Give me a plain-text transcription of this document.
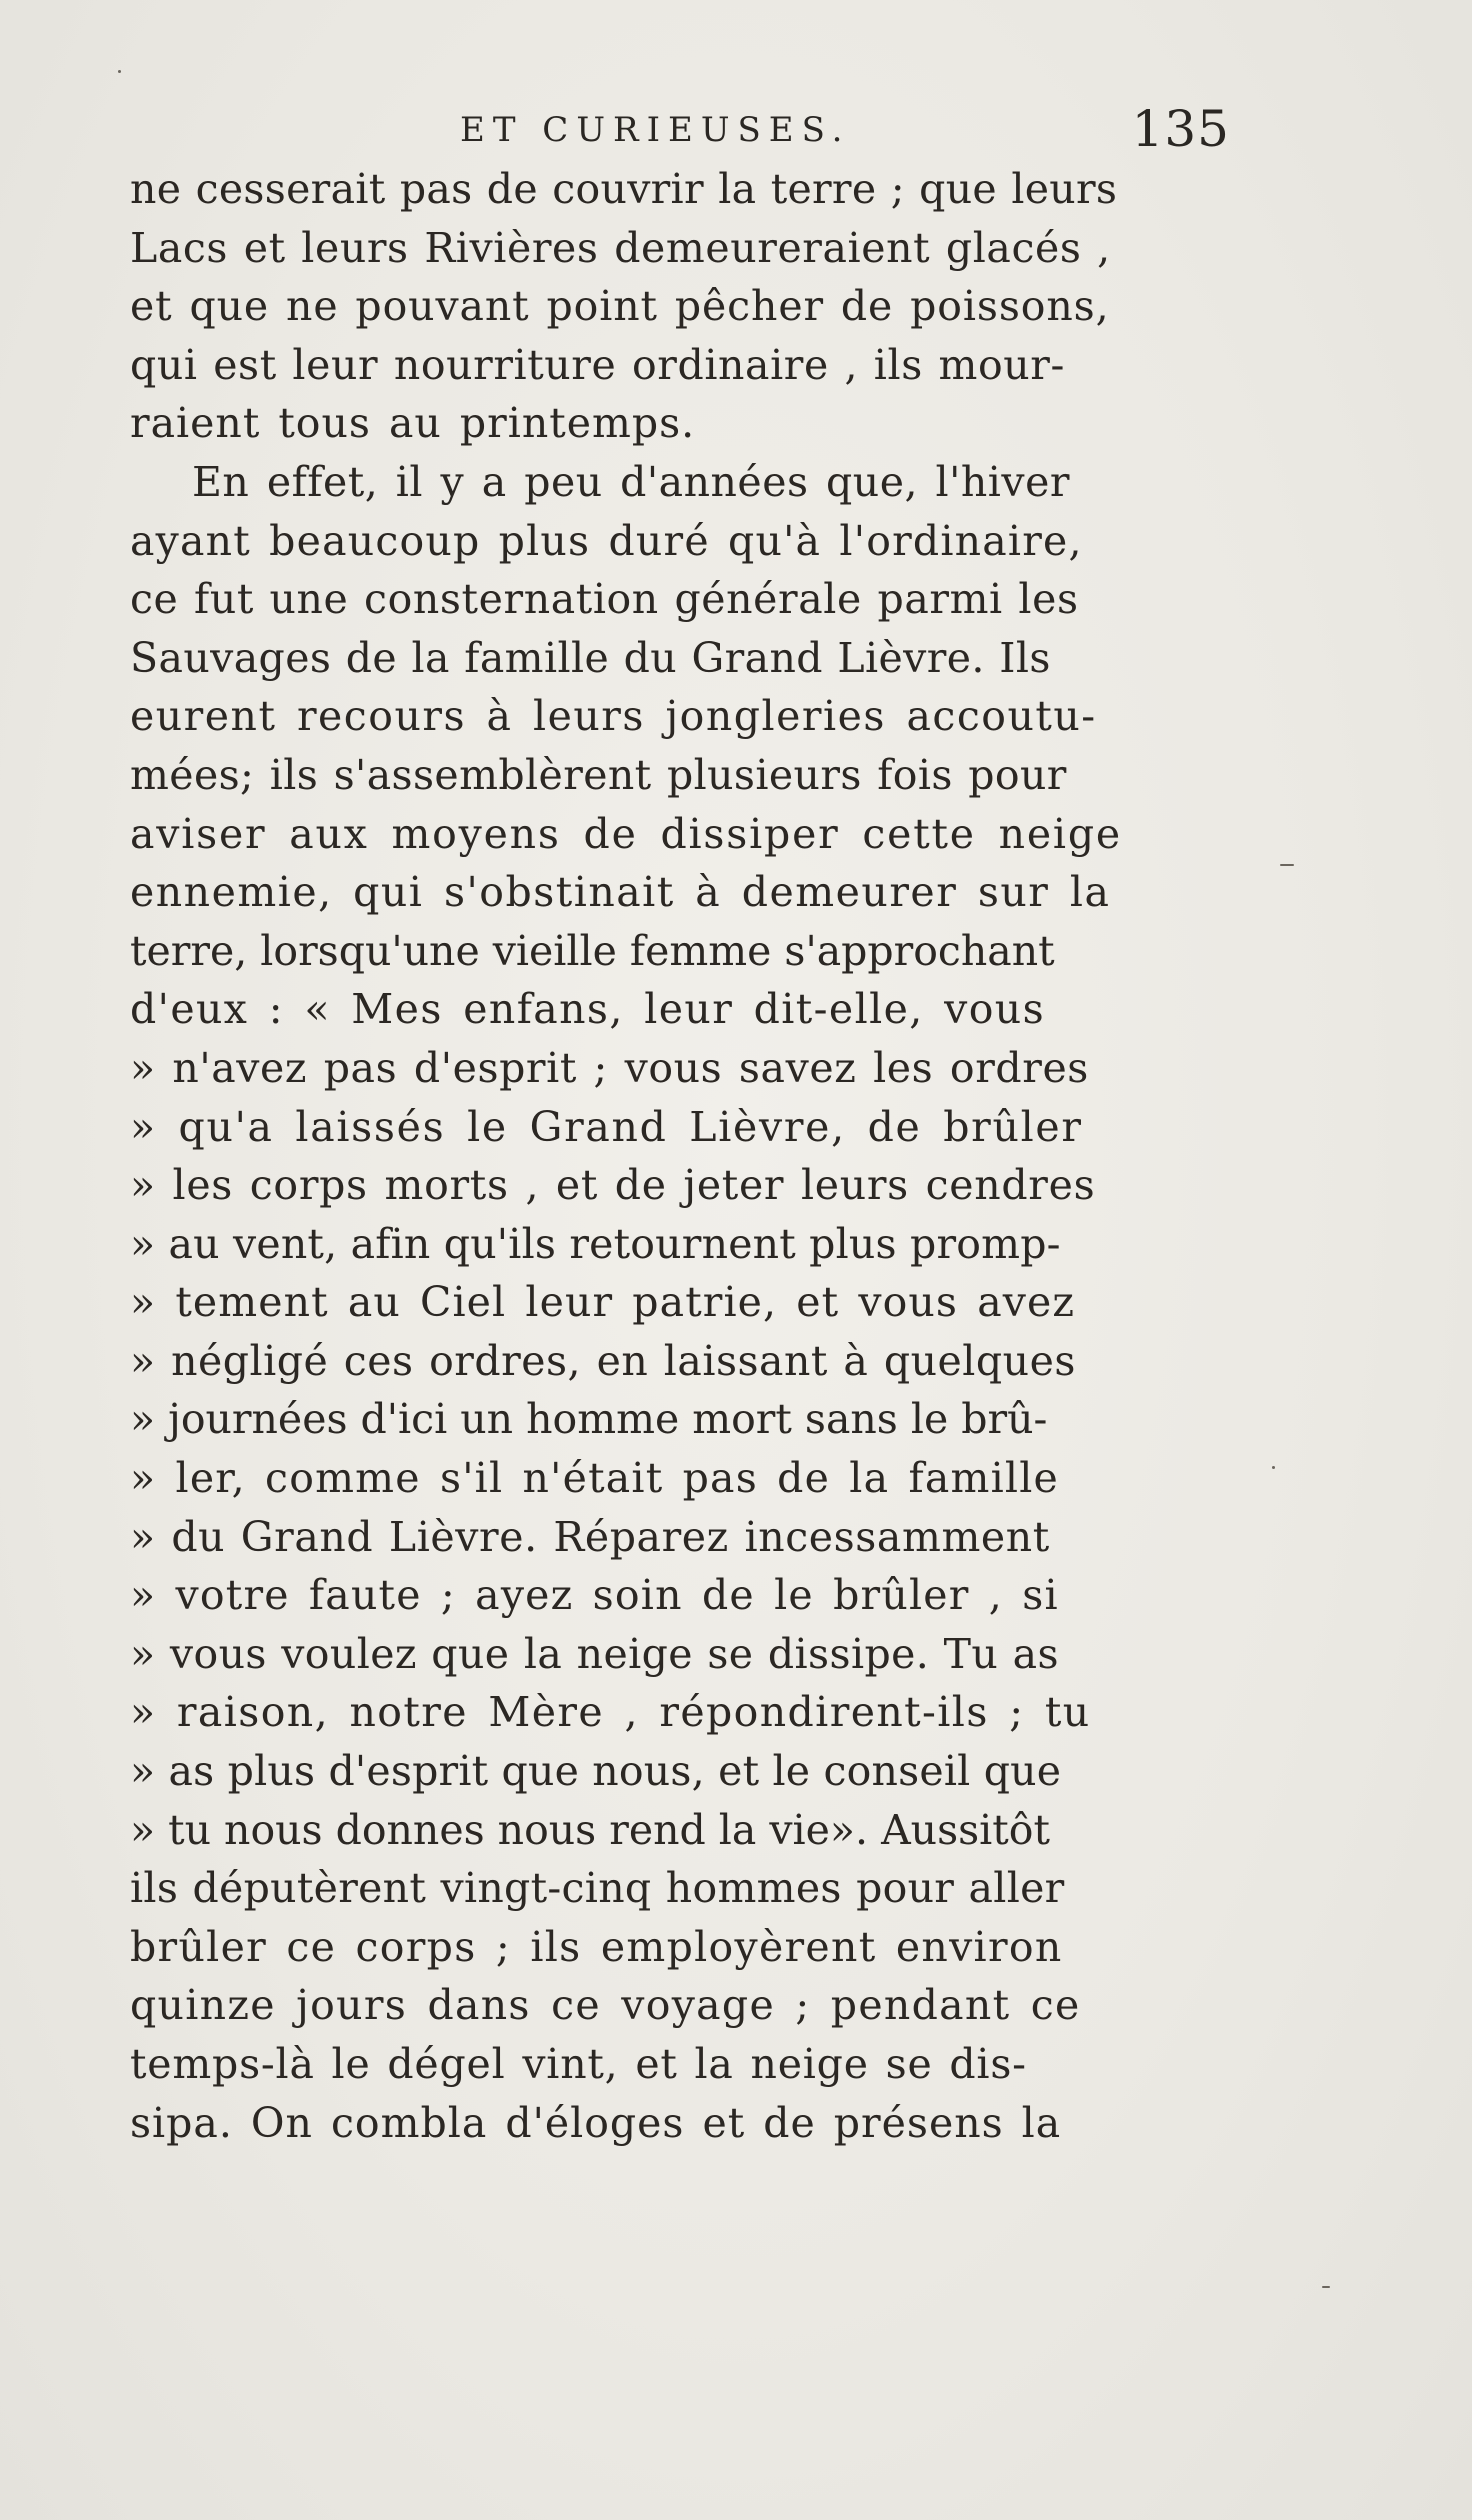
ET CURIEUSES.	135
ne cesserait pas de couvrir la terre ; que leurs
Lacs et leurs Rivières demeureraient glacés ,
et que ne pouvant point pêcher de poissons,
qui est leur nourriture ordinaire , ils mour-
raient tous au printemps.
En effet, il y a peu d'années que, l'hiver
ayant beaucoup plus duré qu'à l'ordinaire,
ce fut une consternation générale parmi les
Sauvages de la famille du Grand Lièvre. Ils
eurent recours à leurs jongleries accoutu-
mées; ils s'assemblèrent plusieurs fois pour
aviser aux moyens de dissiper cette neige
ennemie, qui s'obstinait à demeurer sur la
terre, lorsqu'une vieille femme s'approchant
d'eux : « Mes enfans, leur dit-elle, vous
» n'avez pas d'esprit ; vous savez les ordres
» qu'a laissés le Grand Lièvre, de brûler
» les corps morts , et de jeter leurs cendres
» au vent, afin qu'ils retournent plus promp-
» tement au Ciel leur patrie, et vous avez
» négligé ces ordres, en laissant à quelques
» journées d'ici un homme mort sans le brû-
» ler, comme s'il n'était pas de la famille
» du Grand Lièvre. Réparez incessamment
» votre faute ; ayez soin de le brûler , si
» vous voulez que la neige se dissipe. Tu as
» raison, notre Mère , répondirent-ils ; tu
» as plus d'esprit que nous, et le conseil que
» tu nous donnes nous rend la vie». Aussitôt
ils députèrent vingt-cinq hommes pour aller
brûler ce corps ; ils employèrent environ
quinze jours dans ce voyage ; pendant ce
temps-là le dégel vint, et la neige se dis-
sipa. On combla d'éloges et de présens la
